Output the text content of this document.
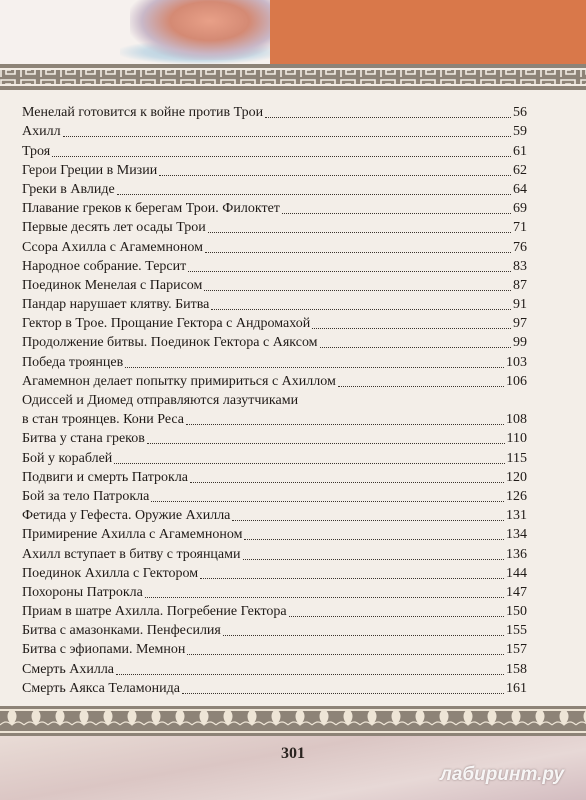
Менелай готовится к войне против Трои	56
Ахилл	59
Троя	61
Герои Греции в Мизии	62
Греки в Авлиде	64
Плавание греков к берегам Трои. Филоктет	69
Первые десять лет осады Трои	71
Ссора Ахилла с Агамемноном	76
Народное собрание. Терсит	83
Поединок Менелая с Парисом	87
Пандар нарушает клятву. Битва	91
Гектор в Трое. Прощание Гектора с Андромахой	97
Продолжение битвы. Поединок Гектора с Аяксом	99
Победа троянцев	103
Агамемнон делает попытку примириться с Ахиллом	106
Одиссей и Диомед отправляются лазутчиками
в стан троянцев. Кони Реса	108
Битва у стана греков	110
Бой у кораблей	115
Подвиги и смерть Патрокла	120
Бой за тело Патрокла	126
Фетида у Гефеста. Оружие Ахилла	131
Примирение Ахилла с Агамемноном	134
Ахилл вступает в битву с троянцами	136
Поединок Ахилла с Гектором	144
Похороны Патрокла	147
Приам в шатре Ахилла. Погребение Гектора	150
Битва с амазонками. Пенфесилия	155
Битва с эфиопами. Мемнон	157
Смерть Ахилла	158
Смерть Аякса Теламонида	161
301
лабиринт.ру
